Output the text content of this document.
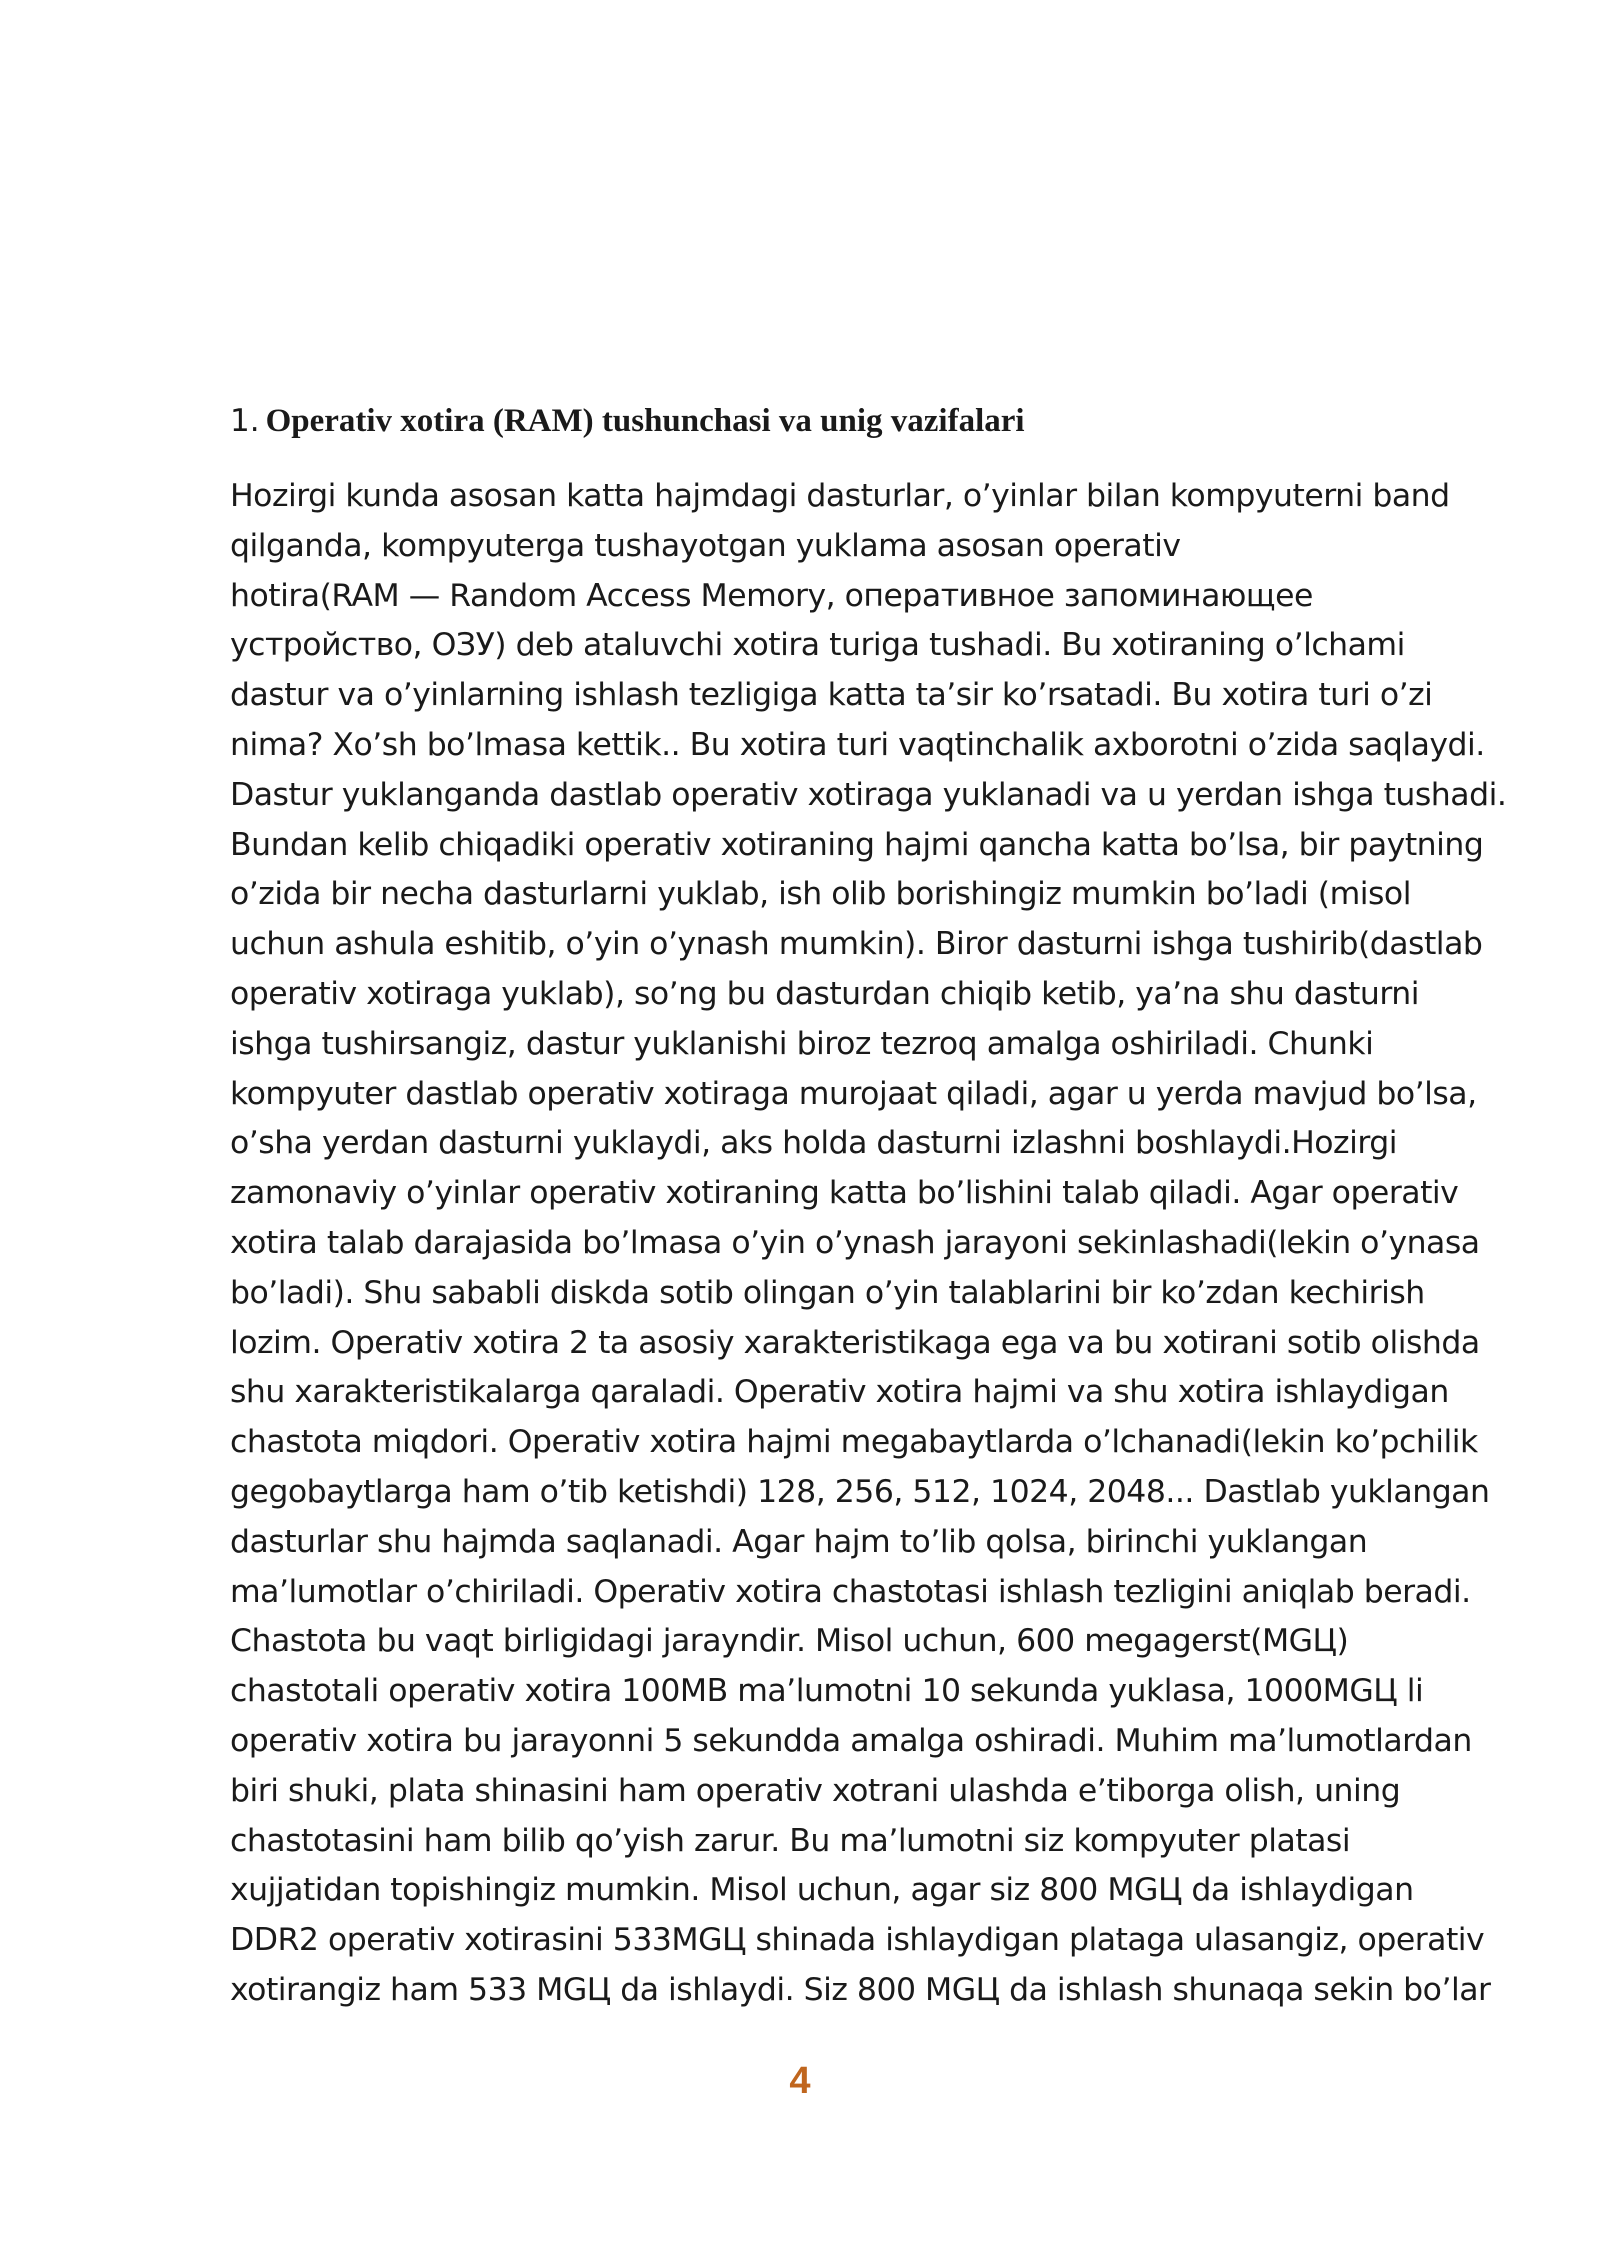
1. Operativ xotira (RAM) tushunchasi va unig vazifalari

Hozirgi kunda asosan katta hajmdagi dasturlar, o’yinlar bilan kompyuterni band
qilganda, kompyuterga tushayotgan yuklama asosan operativ
hotira(RAM — Random Access Memory, оперативное запоминающее
устройство, ОЗУ) deb ataluvchi xotira turiga tushadi. Bu xotiraning o’lchami
dastur va o’yinlarning ishlash tezligiga katta ta’sir ko’rsatadi. Bu xotira turi o’zi
nima? Xo’sh bo’lmasa kettik.. Bu xotira turi vaqtinchalik axborotni o’zida saqlaydi.
Dastur yuklanganda dastlab operativ xotiraga yuklanadi va u yerdan ishga tushadi.
Bundan kelib chiqadiki operativ xotiraning hajmi qancha katta bo’lsa, bir paytning
o’zida bir necha dasturlarni yuklab, ish olib borishingiz mumkin bo’ladi (misol
uchun ashula eshitib, o’yin o’ynash mumkin). Biror dasturni ishga tushirib(dastlab
operativ xotiraga yuklab), so’ng bu dasturdan chiqib ketib, ya’na shu dasturni
ishga tushirsangiz, dastur yuklanishi biroz tezroq amalga oshiriladi. Chunki
kompyuter dastlab operativ xotiraga murojaat qiladi, agar u yerda mavjud bo’lsa,
o’sha yerdan dasturni yuklaydi, aks holda dasturni izlashni boshlaydi.Hozirgi
zamonaviy o’yinlar operativ xotiraning katta bo’lishini talab qiladi. Agar operativ
xotira talab darajasida bo’lmasa o’yin o’ynash jarayoni sekinlashadi(lekin o’ynasa
bo’ladi). Shu sababli diskda sotib olingan o’yin talablarini bir ko’zdan kechirish
lozim. Operativ xotira 2 ta asosiy xarakteristikaga ega va bu xotirani sotib olishda
shu xarakteristikalarga qaraladi. Operativ xotira hajmi va shu xotira ishlaydigan
chastota miqdori. Operativ xotira hajmi megabaytlarda o’lchanadi(lekin ko’pchilik
gegobaytlarga ham o’tib ketishdi) 128, 256, 512, 1024, 2048... Dastlab yuklangan
dasturlar shu hajmda saqlanadi. Agar hajm to’lib qolsa, birinchi yuklangan
ma’lumotlar o’chiriladi. Operativ xotira chastotasi ishlash tezligini aniqlab beradi.
Chastota bu vaqt birligidagi jarayndir. Misol uchun, 600 megagerst(MGЦ)
chastotali operativ xotira 100MB ma’lumotni 10 sekunda yuklasa, 1000MGЦ li
operativ xotira bu jarayonni 5 sekundda amalga oshiradi. Muhim ma’lumotlardan
biri shuki, plata shinasini ham operativ xotrani ulashda e’tiborga olish, uning
chastotasini ham bilib qo’yish zarur. Bu ma’lumotni siz kompyuter platasi
xujjatidan topishingiz mumkin. Misol uchun, agar siz 800 MGЦ da ishlaydigan
DDR2 operativ xotirasini 533MGЦ shinada ishlaydigan plataga ulasangiz, operativ
xotirangiz ham 533 MGЦ da ishlaydi. Siz 800 MGЦ da ishlash shunaqa sekin bo’lar

4
